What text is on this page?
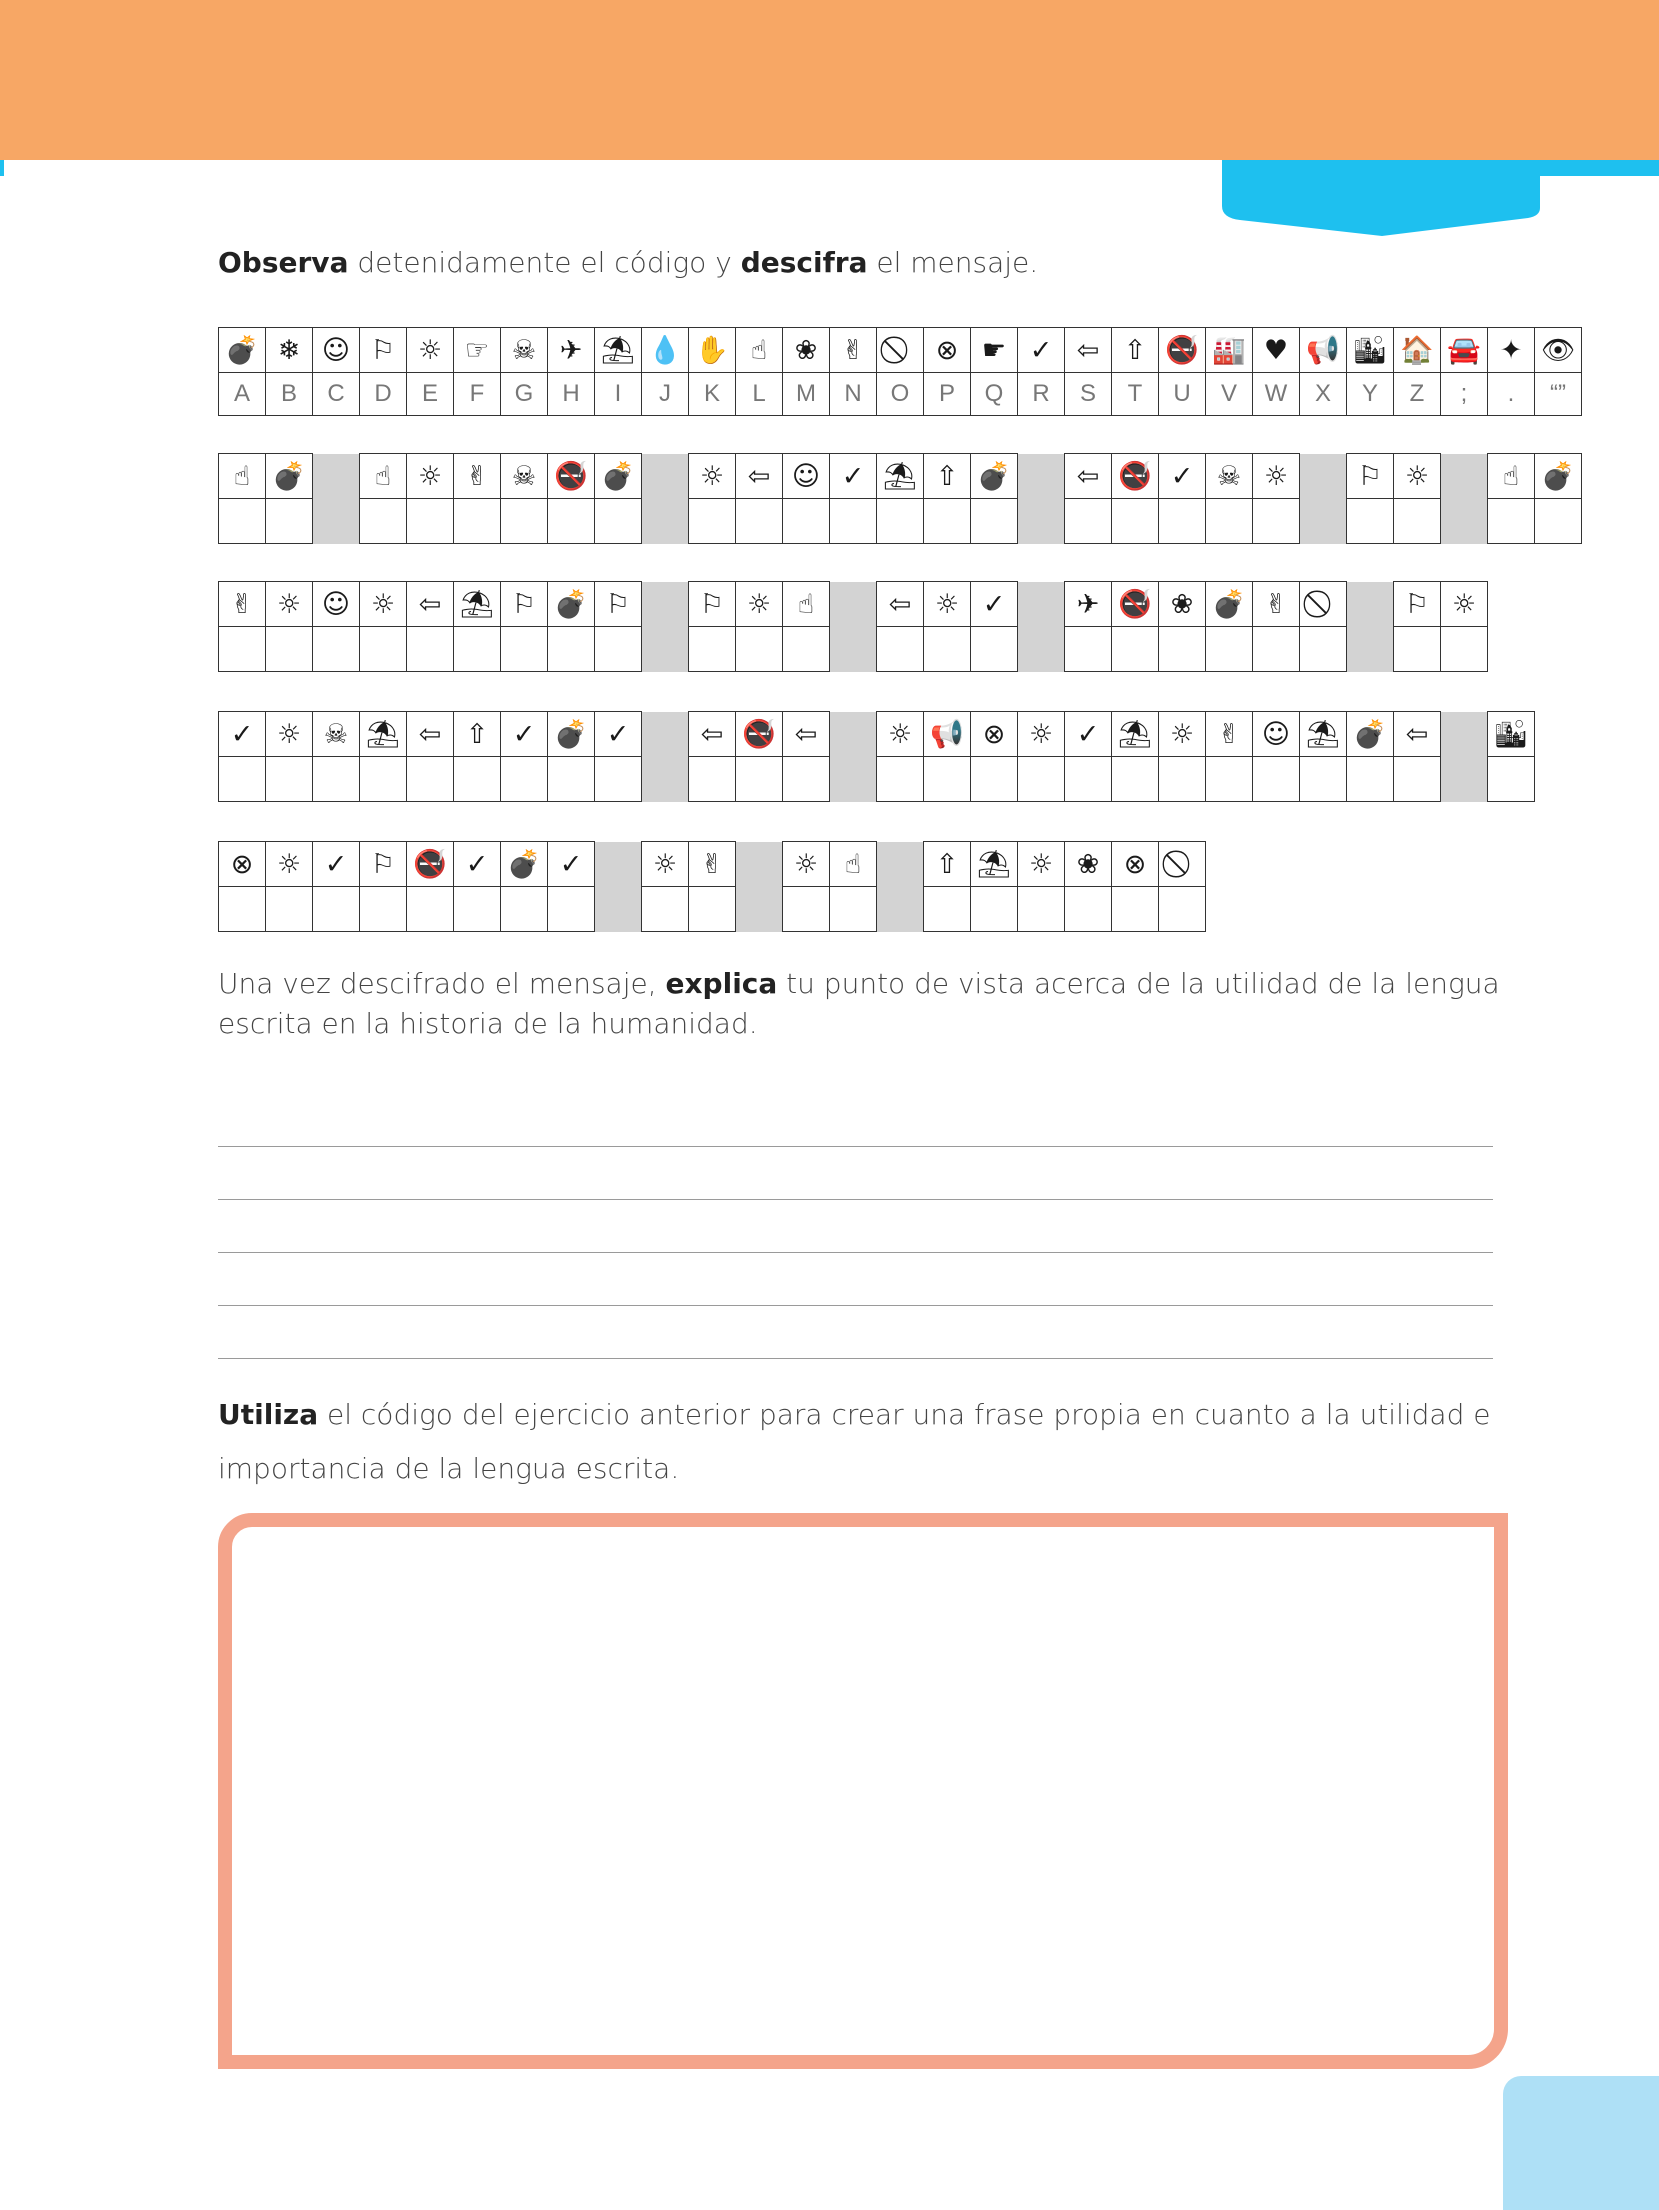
Observa detenidamente el código y descifra el mensaje.
💣	❄	☺	⚐	☼	☞	☠	✈	⛱	💧	✋	☝	❀	✌		⊗	☛	✓	⇦	⇧	🚭	🏭	♥	📢	🏙	🏠	🚘	✦	👁
A	B	C	D	E	F	G	H	I	J	K	L	M	N	O	P	Q	R	S	T	U	V	W	X	Y	Z	;	.	“”
☝	💣		☝	☼	✌	☠	🚭	💣		☼	⇦	☺	✓	⛱	⇧	💣		⇦	🚭	✓	☠	☼		⚐	☼		☝	💣

✌	☼	☺	☼	⇦	⛱	⚐	💣	⚐		⚐	☼	☝		⇦	☼	✓		✈	🚭	❀	💣	✌			⚐	☼

✓	☼	☠	⛱	⇦	⇧	✓	💣	✓		⇦	🚭	⇦		☼	📢	⊗	☼	✓	⛱	☼	✌	☺	⛱	💣	⇦		🏙

⊗	☼	✓	⚐	🚭	✓	💣	✓		☼	✌		☼	☝		⇧	⛱	☼	❀	⊗	

Una vez descifrado el mensaje, explica tu punto de vista acerca de la utilidad de la lengua escrita en la historia de la humanidad.
Utiliza el código del ejercicio anterior para crear una frase propia en cuanto a la utilidad e importancia de la lengua escrita.
